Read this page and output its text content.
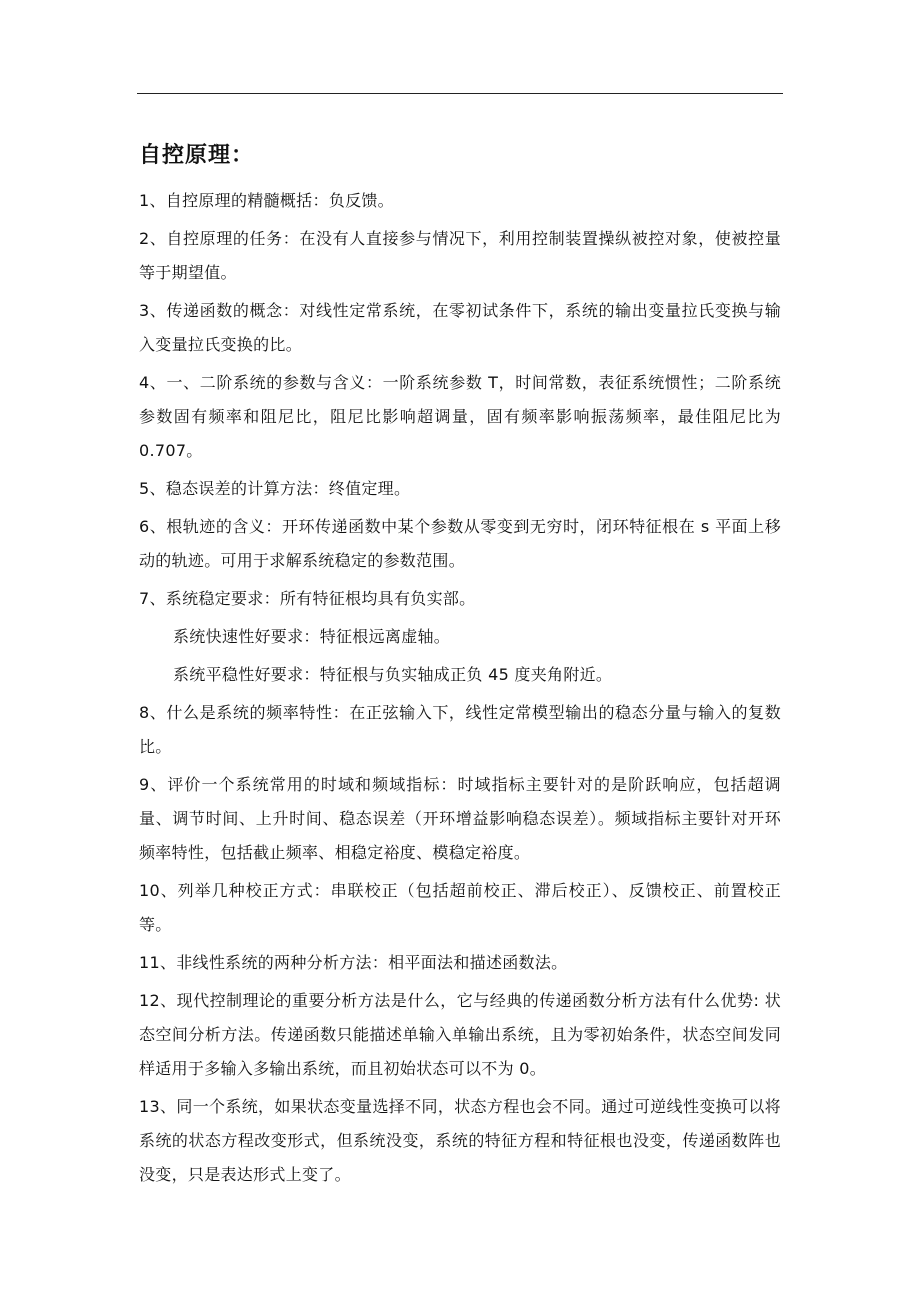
自控原理：

1、自控原理的精髓概括：负反馈。

2、自控原理的任务：在没有人直接参与情况下，利用控制装置操纵被控对象，使被控量等于期望值。

3、传递函数的概念：对线性定常系统，在零初试条件下，系统的输出变量拉氏变换与输入变量拉氏变换的比。

4、一、二阶系统的参数与含义：一阶系统参数 T，时间常数，表征系统惯性；二阶系统参数固有频率和阻尼比，阻尼比影响超调量，固有频率影响振荡频率，最佳阻尼比为 0.707。

5、稳态误差的计算方法：终值定理。

6、根轨迹的含义：开环传递函数中某个参数从零变到无穷时，闭环特征根在 s 平面上移动的轨迹。可用于求解系统稳定的参数范围。

7、系统稳定要求：所有特征根均具有负实部。

系统快速性好要求：特征根远离虚轴。

系统平稳性好要求：特征根与负实轴成正负 45 度夹角附近。

8、什么是系统的频率特性：在正弦输入下，线性定常模型输出的稳态分量与输入的复数比。

9、评价一个系统常用的时域和频域指标：时域指标主要针对的是阶跃响应，包括超调量、调节时间、上升时间、稳态误差（开环增益影响稳态误差）。频域指标主要针对开环频率特性，包括截止频率、相稳定裕度、模稳定裕度。

10、列举几种校正方式：串联校正（包括超前校正、滞后校正）、反馈校正、前置校正等。

11、非线性系统的两种分析方法：相平面法和描述函数法。

12、现代控制理论的重要分析方法是什么，它与经典的传递函数分析方法有什么优势: 状态空间分析方法。传递函数只能描述单输入单输出系统，且为零初始条件，状态空间发同样适用于多输入多输出系统，而且初始状态可以不为 0。

13、同一个系统，如果状态变量选择不同，状态方程也会不同。通过可逆线性变换可以将系统的状态方程改变形式，但系统没变，系统的特征方程和特征根也没变，传递函数阵也没变，只是表达形式上变了。
